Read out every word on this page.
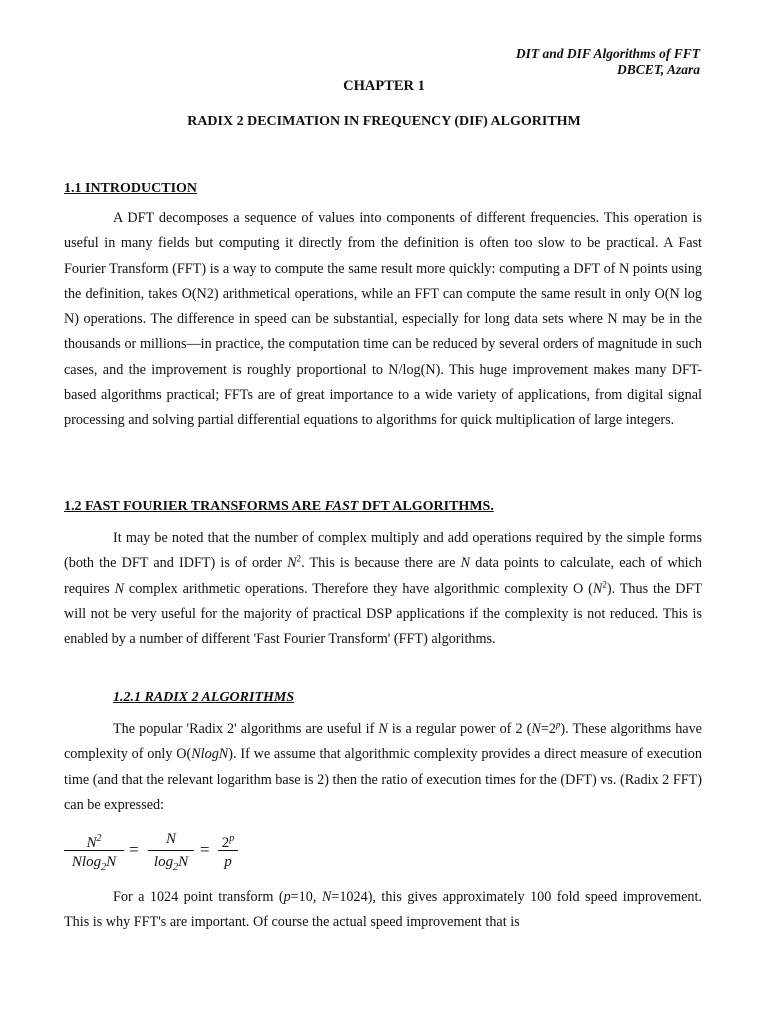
DIT and DIF Algorithms of FFT
DBCET, Azara
CHAPTER 1
RADIX 2 DECIMATION IN FREQUENCY (DIF) ALGORITHM
1.1 INTRODUCTION

A DFT decomposes a sequence of values into components of different frequencies. This operation is useful in many fields but computing it directly from the definition is often too slow to be practical. A Fast Fourier Transform (FFT) is a way to compute the same result more quickly: computing a DFT of N points using the definition, takes O(N2) arithmetical operations, while an FFT can compute the same result in only O(N log N) operations. The difference in speed can be substantial, especially for long data sets where N may be in the thousands or millions—in practice, the computation time can be reduced by several orders of magnitude in such cases, and the improvement is roughly proportional to N/log(N). This huge improvement makes many DFT-based algorithms practical; FFTs are of great importance to a wide variety of applications, from digital signal processing and solving partial differential equations to algorithms for quick multiplication of large integers.

1.2 FAST FOURIER TRANSFORMS ARE FAST DFT ALGORITHMS.

It may be noted that the number of complex multiply and add operations required by the simple forms (both the DFT and IDFT) is of order $N^2$. This is because there are N data points to calculate, each of which requires N complex arithmetic operations. Therefore they have algorithmic complexity O $(N^2)$. Thus the DFT will not be very useful for the majority of practical DSP applications if the complexity is not reduced. This is enabled by a number of different 'Fast Fourier Transform' (FFT) algorithms.

1.2.1 RADIX 2 ALGORITHMS

The popular 'Radix 2' algorithms are useful if N is a regular power of 2 $(N=2^p)$. These algorithms have complexity of only O(NlogN). If we assume that algorithmic complexity provides a direct measure of execution time (and that the relevant logarithm base is 2) then the ratio of execution times for the (DFT) vs. (Radix 2 FFT) can be expressed:

$\frac{N^2}{Nlog_2N} = \frac{N}{\log_2N} = 2^p$
p

For a 1024 point transform (p=10, N=1024), this gives approximately 100 fold speed improvement. This is why FFT's are important. Of course the actual speed improvement that is
